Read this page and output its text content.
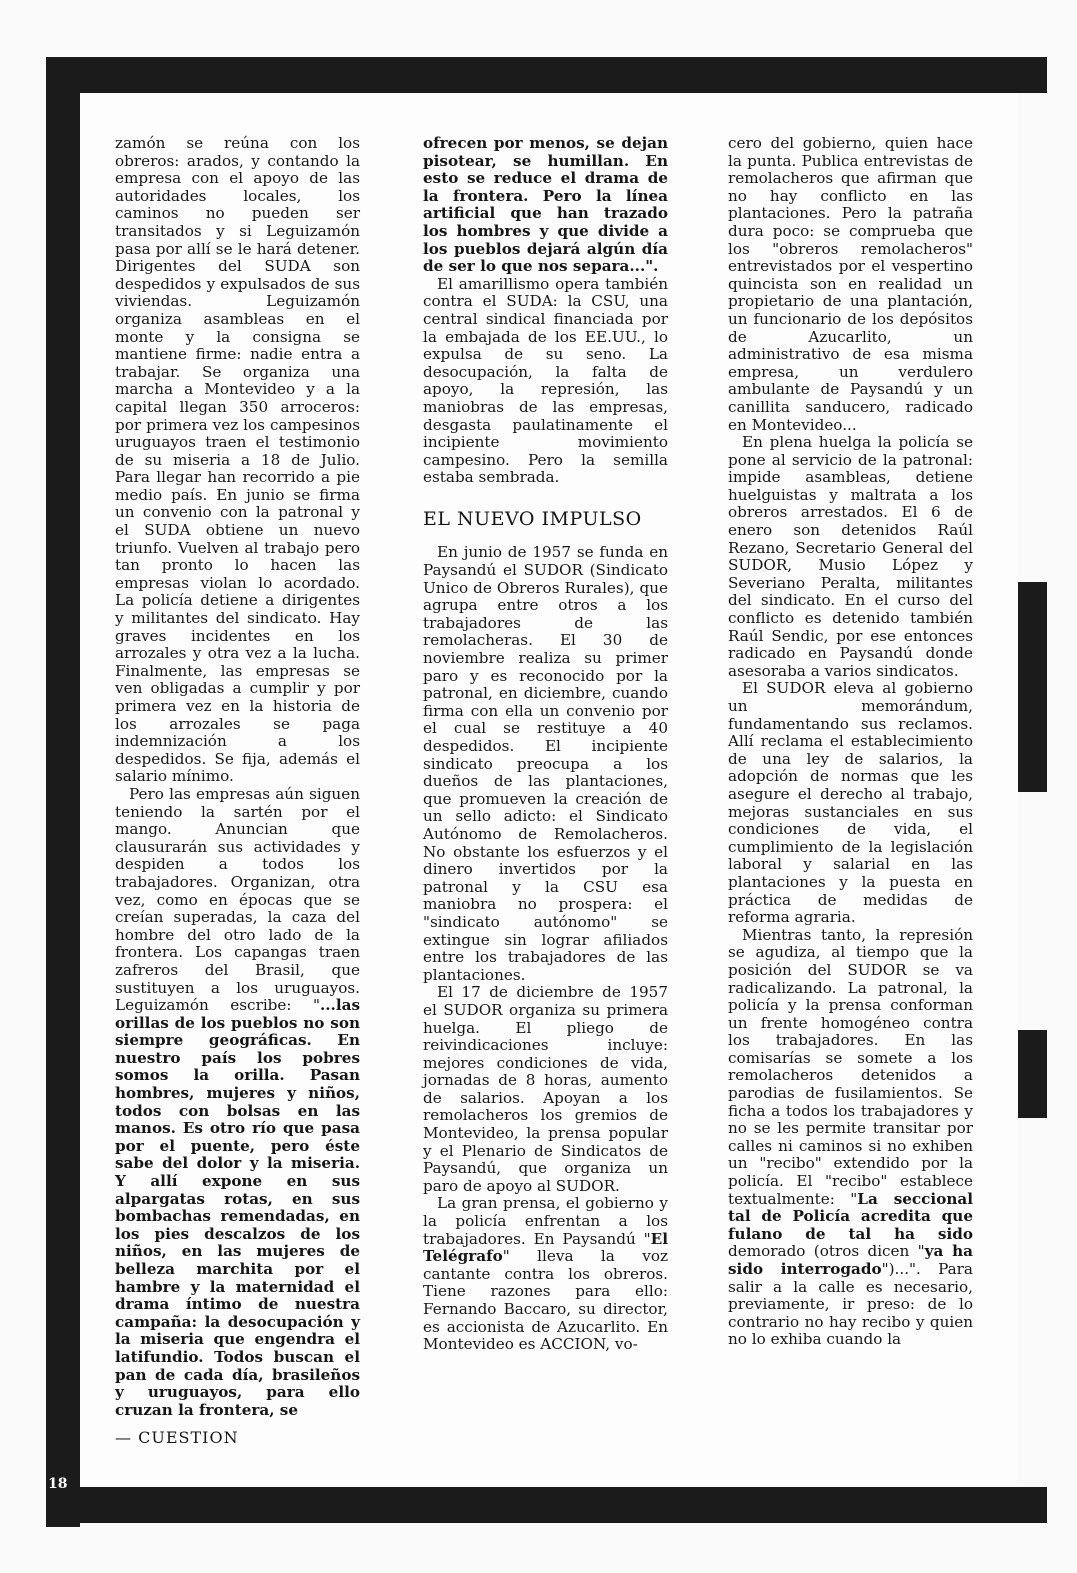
zamón se reúna con los obreros: arados, y contando la empresa con el apoyo de las autoridades locales, los caminos no pueden ser transitados y si Leguizamón pasa por allí se le hará detener. Dirigentes del SUDA son despedidos y expulsados de sus viviendas. Leguizamón organiza asambleas en el monte y la consigna se mantiene firme: nadie entra a trabajar. Se organiza una marcha a Montevideo y a la capital llegan 350 arroceros: por primera vez los campesinos uruguayos traen el testimonio de su miseria a 18 de Julio. Para llegar han recorrido a pie medio país. En junio se firma un convenio con la patronal y el SUDA obtiene un nuevo triunfo. Vuelven al trabajo pero tan pronto lo hacen las empresas violan lo acordado. La policía detiene a dirigentes y militantes del sindicato. Hay graves incidentes en los arrozales y otra vez a la lucha. Finalmente, las empresas se ven obligadas a cumplir y por primera vez en la historia de los arrozales se paga indemnización a los despedidos. Se fija, además el salario mínimo.

Pero las empresas aún siguen teniendo la sartén por el mango. Anuncian que clausurarán sus actividades y despiden a todos los trabajadores. Organizan, otra vez, como en épocas que se creían superadas, la caza del hombre del otro lado de la frontera. Los capangas traen zafreros del Brasil, que sustituyen a los uruguayos. Leguizamón escribe: "...las orillas de los pueblos no son siempre geográficas. En nuestro país los pobres somos la orilla. Pasan hombres, mujeres y niños, todos con bolsas en las manos. Es otro río que pasa por el puente, pero éste sabe del dolor y la miseria. Y allí expone en sus alpargatas rotas, en sus bombachas remendadas, en los pies descalzos de los niños, en las mujeres de belleza marchita por el hambre y la maternidad el drama íntimo de nuestra campaña: la desocupación y la miseria que engendra el latifundio. Todos buscan el pan de cada día, brasileños y uruguayos, para ello cruzan la frontera, se

ofrecen por menos, se dejan pisotear, se humillan. En esto se reduce el drama de la frontera. Pero la línea artificial que han trazado los hombres y que divide a los pueblos dejará algún día de ser lo que nos separa...".

El amarillismo opera también contra el SUDA: la CSU, una central sindical financiada por la embajada de los EE.UU., lo expulsa de su seno. La desocupación, la falta de apoyo, la represión, las maniobras de las empresas, desgasta paulatinamente el incipiente movimiento campesino. Pero la semilla estaba sembrada.

EL NUEVO IMPULSO

En junio de 1957 se funda en Paysandú el SUDOR (Sindicato Unico de Obreros Rurales), que agrupa entre otros a los trabajadores de las remolacheras. El 30 de noviembre realiza su primer paro y es reconocido por la patronal, en diciembre, cuando firma con ella un convenio por el cual se restituye a 40 despedidos. El incipiente sindicato preocupa a los dueños de las plantaciones, que promueven la creación de un sello adicto: el Sindicato Autónomo de Remolacheros. No obstante los esfuerzos y el dinero invertidos por la patronal y la CSU esa maniobra no prospera: el "sindicato autónomo" se extingue sin lograr afiliados entre los trabajadores de las plantaciones.

El 17 de diciembre de 1957 el SUDOR organiza su primera huelga. El pliego de reivindicaciones incluye: mejores condiciones de vida, jornadas de 8 horas, aumento de salarios. Apoyan a los remolacheros los gremios de Montevideo, la prensa popular y el Plenario de Sindicatos de Paysandú, que organiza un paro de apoyo al SUDOR.

La gran prensa, el gobierno y la policía enfrentan a los trabajadores. En Paysandú "El Telégrafo" lleva la voz cantante contra los obreros. Tiene razones para ello: Fernando Baccaro, su director, es accionista de Azucarlito. En Montevideo es ACCION, vo-

cero del gobierno, quien hace la punta. Publica entrevistas de remolacheros que afirman que no hay conflicto en las plantaciones. Pero la patraña dura poco: se comprueba que los "obreros remolacheros" entrevistados por el vespertino quincista son en realidad un propietario de una plantación, un funcionario de los depósitos de Azucarlito, un administrativo de esa misma empresa, un verdulero ambulante de Paysandú y un canillita sanducero, radicado en Montevideo...

En plena huelga la policía se pone al servicio de la patronal: impide asambleas, detiene huelguistas y maltrata a los obreros arrestados. El 6 de enero son detenidos Raúl Rezano, Secretario General del SUDOR, Musio López y Severiano Peralta, militantes del sindicato. En el curso del conflicto es detenido también Raúl Sendic, por ese entonces radicado en Paysandú donde asesoraba a varios sindicatos.

El SUDOR eleva al gobierno un memorándum, fundamentando sus reclamos. Allí reclama el establecimiento de una ley de salarios, la adopción de normas que les asegure el derecho al trabajo, mejoras sustanciales en sus condiciones de vida, el cumplimiento de la legislación laboral y salarial en las plantaciones y la puesta en práctica de medidas de reforma agraria.

Mientras tanto, la represión se agudiza, al tiempo que la posición del SUDOR se va radicalizando. La patronal, la policía y la prensa conforman un frente homogéneo contra los trabajadores. En las comisarías se somete a los remolacheros detenidos a parodias de fusilamientos. Se ficha a todos los trabajadores y no se les permite transitar por calles ni caminos si no exhiben un "recibo" extendido por la policía. El "recibo" establece textualmente: "La seccional tal de Policía acredita que fulano de tal ha sido demorado (otros dicen "ya ha sido interrogado")...". Para salir a la calle es necesario, previamente, ir preso: de lo contrario no hay recibo y quien no lo exhiba cuando la

— CUESTION
18
